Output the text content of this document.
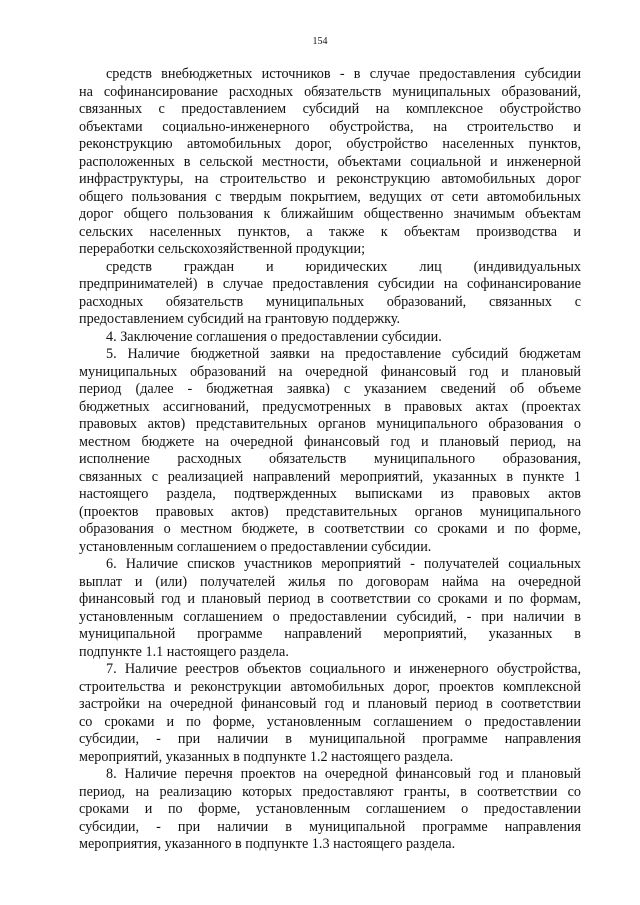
154
средств внебюджетных источников - в случае предоставления субсидии
на софинансирование расходных обязательств муниципальных образований,
связанных с предоставлением субсидий на комплексное обустройство
объектами социально-инженерного обустройства, на строительство и
реконструкцию автомобильных дорог, обустройство населенных пунктов,
расположенных в сельской местности, объектами социальной и инженерной
инфраструктуры, на строительство и реконструкцию автомобильных дорог
общего пользования с твердым покрытием, ведущих от сети автомобильных
дорог общего пользования к ближайшим общественно значимым объектам
сельских населенных пунктов, а также к объектам производства и
переработки сельскохозяйственной продукции;
средств граждан и юридических лиц (индивидуальных
предпринимателей) в случае предоставления субсидии на софинансирование
расходных обязательств муниципальных образований, связанных с
предоставлением субсидий на грантовую поддержку.
4. Заключение соглашения о предоставлении субсидии.
5. Наличие бюджетной заявки на предоставление субсидий бюджетам
муниципальных образований на очередной финансовый год и плановый
период (далее - бюджетная заявка) с указанием сведений об объеме
бюджетных ассигнований, предусмотренных в правовых актах (проектах
правовых актов) представительных органов муниципального образования о
местном бюджете на очередной финансовый год и плановый период, на
исполнение расходных обязательств муниципального образования,
связанных с реализацией направлений мероприятий, указанных в пункте 1
настоящего раздела, подтвержденных выписками из правовых актов
(проектов правовых актов) представительных органов муниципального
образования о местном бюджете, в соответствии со сроками и по форме,
установленным соглашением о предоставлении субсидии.
6. Наличие списков участников мероприятий - получателей социальных
выплат и (или) получателей жилья по договорам найма на очередной
финансовый год и плановый период в соответствии со сроками и по формам,
установленным соглашением о предоставлении субсидий, - при наличии в
муниципальной программе направлений мероприятий, указанных в
подпункте 1.1 настоящего раздела.
7. Наличие реестров объектов социального и инженерного обустройства,
строительства и реконструкции автомобильных дорог, проектов комплексной
застройки на очередной финансовый год и плановый период в соответствии
со сроками и по форме, установленным соглашением о предоставлении
субсидии, - при наличии в муниципальной программе направления
мероприятий, указанных в подпункте 1.2 настоящего раздела.
8. Наличие перечня проектов на очередной финансовый год и плановый
период, на реализацию которых предоставляют гранты, в соответствии со
сроками и по форме, установленным соглашением о предоставлении
субсидии, - при наличии в муниципальной программе направления
мероприятия, указанного в подпункте 1.3 настоящего раздела.
